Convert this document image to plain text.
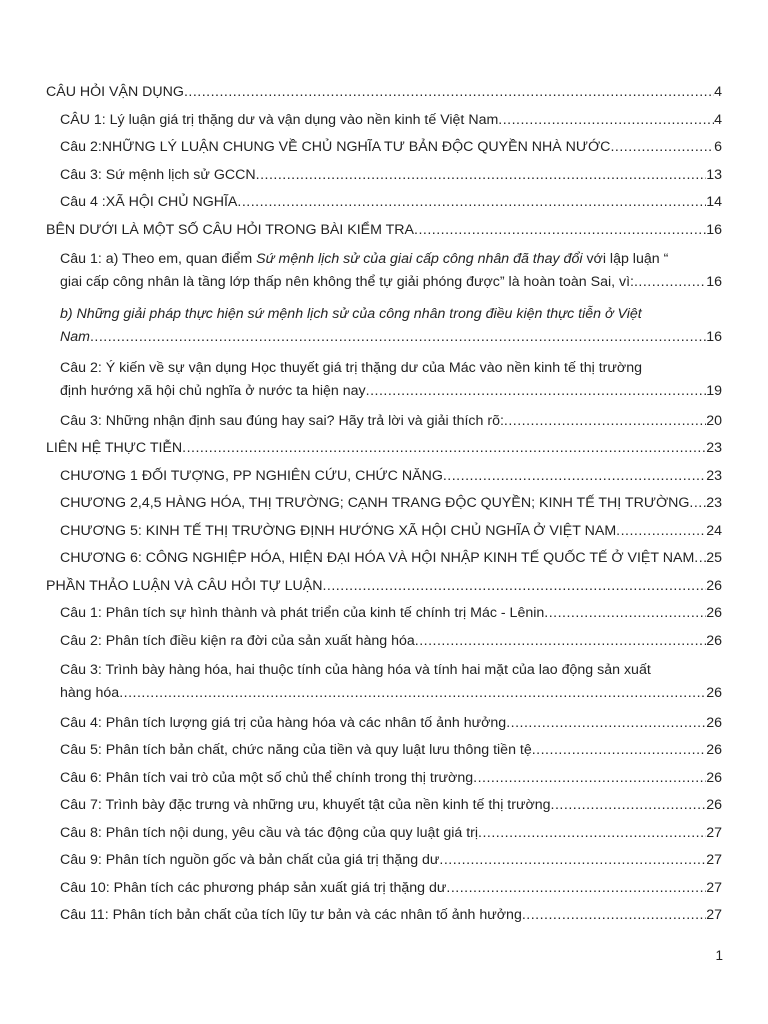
CÂU HỎI VẬN DỤNG .....	4
CÂU 1: Lý luận giá trị thặng dư và vận dụng vào nền kinh tế Việt Nam .....	4
Câu 2:NHỮNG LÝ LUẬN CHUNG VỀ CHỦ NGHĨA TƯ BẢN ĐỘC QUYỀN NHÀ NƯỚC .....	6
Câu 3: Sứ mệnh lịch sử GCCN .....	13
Câu 4 :XÃ HỘI CHỦ NGHĨA .....	14
BÊN DƯỚI LÀ MỘT SỐ CÂU HỎI TRONG BÀI KIỂM TRA .....	16
Câu 1: a) Theo em, quan điểm Sứ mệnh lịch sử của giai cấp công nhân đã thay đổi với lập luận “
giai cấp công nhân là tầng lớp thấp nên không thể tự giải phóng được” là hoàn toàn Sai, vì: .....	16
b) Những giải pháp thực hiện sứ mệnh lịch sử của công nhân trong điều kiện thực tiễn ở Việt
Nam .....	16
Câu 2: Ý kiến về sự vận dụng Học thuyết giá trị thặng dư của Mác vào nền kinh tế thị trường
định hướng xã hội chủ nghĩa ở nước ta hiện nay .....	19
Câu 3: Những nhận định sau đúng hay sai? Hãy trả lời và giải thích rõ: .....	20
LIÊN HỆ THỰC TIỄN .....	23
CHƯƠNG 1 ĐỐI TƯỢNG, PP NGHIÊN CỨU, CHỨC NĂNG .....	23
CHƯƠNG 2,4,5 HÀNG HÓA, THỊ TRƯỜNG; CẠNH TRANG ĐỘC QUYỀN; KINH TẾ THỊ TRƯỜNG ..... 23
CHƯƠNG 5: KINH TẾ THỊ TRƯỜNG ĐỊNH HƯỚNG XÃ HỘI CHỦ NGHĨA Ở VIỆT NAM .....	24
CHƯƠNG 6: CÔNG NGHIỆP HÓA, HIỆN ĐẠI HÓA VÀ HỘI NHẬP KINH TẾ QUỐC TẾ Ở VIỆT NAM ..... 25
PHẦN THẢO LUẬN VÀ CÂU HỎI TỰ LUẬN .....	26
Câu 1: Phân tích sự hình thành và phát triển của kinh tế chính trị Mác - Lênin .....	26
Câu 2: Phân tích điều kiện ra đời của sản xuất hàng hóa .....	26
Câu 3: Trình bày hàng hóa, hai thuộc tính của hàng hóa và tính hai mặt của lao động sản xuất
hàng hóa .....	26
Câu 4: Phân tích lượng giá trị của hàng hóa và các nhân tố ảnh hưởng .....	26
Câu 5: Phân tích bản chất, chức năng của tiền và quy luật lưu thông tiền tệ .....	26
Câu 6: Phân tích vai trò của một số chủ thể chính trong thị trường .....	26
Câu 7: Trình bày đặc trưng và những ưu, khuyết tật của nền kinh tế thị trường .....	26
Câu 8: Phân tích nội dung, yêu cầu và tác động của quy luật giá trị .....	27
Câu 9: Phân tích nguồn gốc và bản chất của giá trị thặng dư .....	27
Câu 10: Phân tích các phương pháp sản xuất giá trị thặng dư .....	27
Câu 11: Phân tích bản chất của tích lũy tư bản và các nhân tố ảnh hưởng .....	27
1
